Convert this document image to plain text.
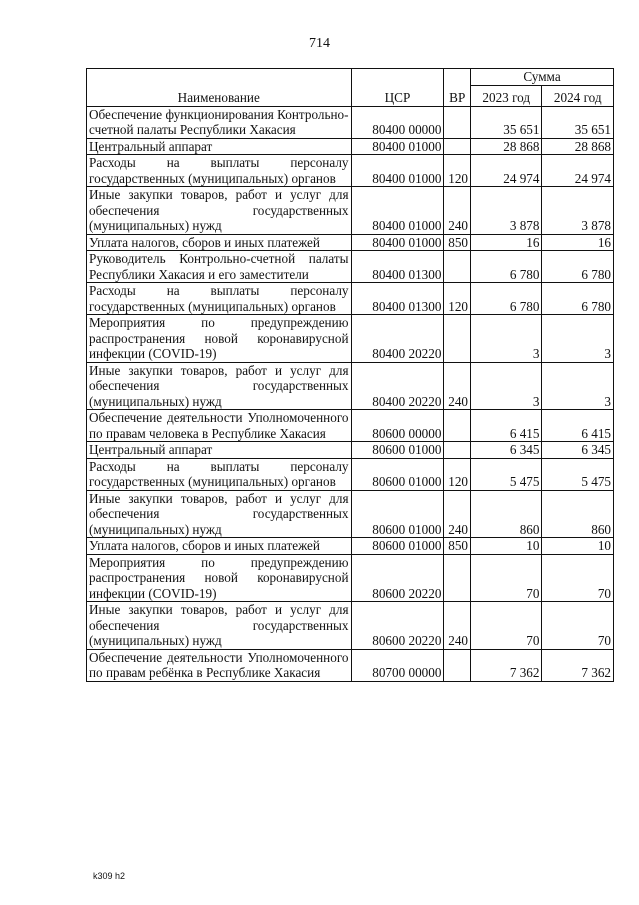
714
Наименование	ЦСР	ВР	Сумма	
			2023 год	2024 год
Обеспечение функционирования Контрольно-счетной палаты Республики Хакасия	80400 00000		35 651	35 651
Центральный аппарат	80400 01000		28 868	28 868
Расходы на выплаты персоналу государственных (муниципальных) органов	80400 01000	120	24 974	24 974
Иные закупки товаров, работ и услуг для обеспечения государственных (муниципальных) нужд	80400 01000	240	3 878	3 878
Уплата налогов, сборов и иных платежей	80400 01000	850	16	16
Руководитель Контрольно-счетной палаты Республики Хакасия и его заместители	80400 01300		6 780	6 780
Расходы на выплаты персоналу государственных (муниципальных) органов	80400 01300	120	6 780	6 780
Мероприятия по предупреждению распространения новой коронавирусной инфекции (COVID-19)	80400 20220		3	3
Иные закупки товаров, работ и услуг для обеспечения государственных (муниципальных) нужд	80400 20220	240	3	3
Обеспечение деятельности Уполномоченного по правам человека в Республике Хакасия	80600 00000		6 415	6 415
Центральный аппарат	80600 01000		6 345	6 345
Расходы на выплаты персоналу государственных (муниципальных) органов	80600 01000	120	5 475	5 475
Иные закупки товаров, работ и услуг для обеспечения государственных (муниципальных) нужд	80600 01000	240	860	860
Уплата налогов, сборов и иных платежей	80600 01000	850	10	10
Мероприятия по предупреждению распространения новой коронавирусной инфекции (COVID-19)	80600 20220		70	70
Иные закупки товаров, работ и услуг для обеспечения государственных (муниципальных) нужд	80600 20220	240	70	70
Обеспечение деятельности Уполномоченного по правам ребёнка в Республике Хакасия	80700 00000		7 362	7 362
k309 h2
